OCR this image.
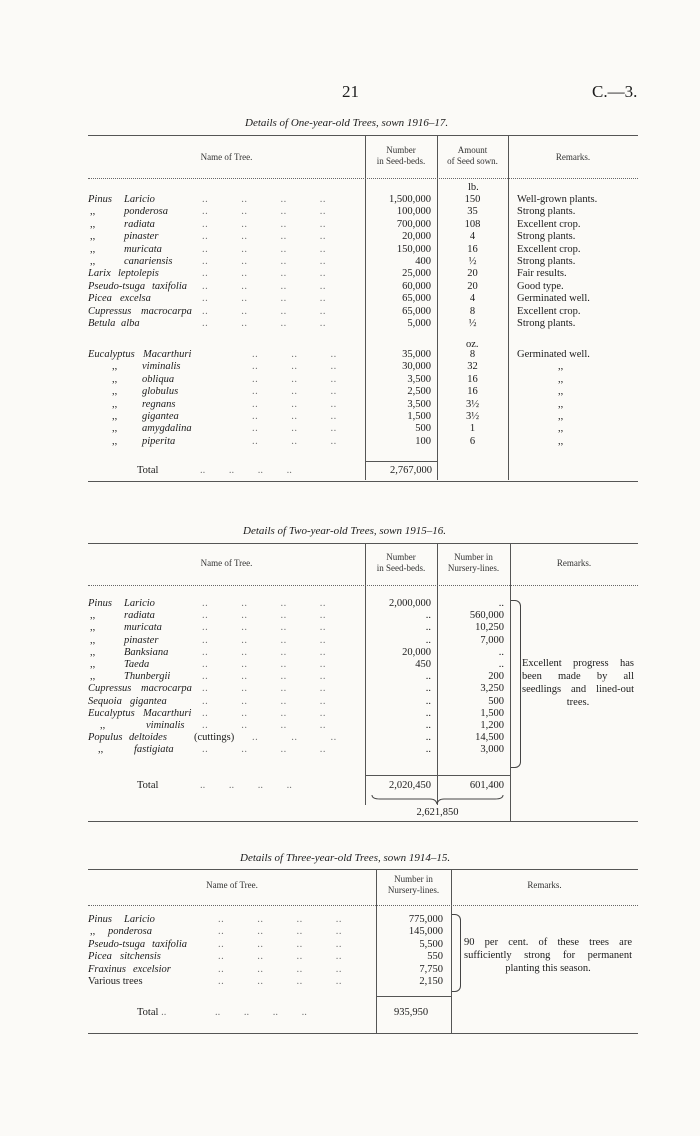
21	C.—3.
Details of One-year-old Trees, sown 1916–17.
Name of Tree.
Number
in Seed-beds.
Amount
of Seed sown.	Remarks.
lb.
Pinus Laricio	..   ..   ..   ..	1,500,000	150	Well-grown plants.
,,	ponderosa	..   ..   ..   ..	100,000	35	Strong plants.
,,	radiata	..   ..   ..   ..	700,000	108	Excellent crop.
,,	pinaster	..   ..   ..   ..	20,000	4	Strong plants.
,,	muricata	..   ..   ..   ..	150,000	16	Excellent crop.
,,	canariensis	..   ..   ..   ..	400	½	Strong plants.
Larix leptolepis	..   ..   ..   ..	25,000	20	Fair results.
Pseudo-tsuga taxifolia ..   ..   ..   ..	60,000	20	Good type.
Picea excelsa	..   ..   ..   ..	65,000	4	Germinated well.
Cupressus macrocarpa ..   ..   ..   ..	65,000	8	Excellent crop.
Betula alba	..   ..   ..   ..	5,000	½	Strong plants.
oz.
Eucalyptus Macarthuri	..   ..   ..	35,000	8	Germinated well.
,, viminalis	..   ..   ..	30,000	32	,,
,, obliqua	..   ..   ..	3,500	16	,,
,, globulus	..   ..   ..	2,500	16	,,
,, regnans	..   ..   ..	3,500	3½	,,
,, gigantea	..   ..   ..	1,500	3½	,,
,, amygdalina	..   ..   ..	500	1	,,
,, piperita	..   ..   ..	100	6	,,
Total	..         ..         ..         ..	2,767,000
Details of Two-year-old Trees, sown 1915–16.
Name of Tree.
Number
in Seed-beds.
Number in
Nursery-lines.	Remarks.
Pinus Laricio	..   ..   ..   ..	2,000,000	..
,,	radiata	..   ..   ..   ..	..	560,000
,,	muricata	..   ..   ..   ..	..	10,250
,,	pinaster	..   ..   ..   ..	..	7,000
,,	Banksiana	..   ..   ..   ..	20,000	..
,,	Taeda	..   ..   ..   ..	450	..
,,	Thunbergii	..   ..   ..   ..	..	200
Cupressus macrocarpa ..   ..   ..   ..	..	3,250
Sequoia gigantea	..   ..   ..   ..	..	500
Eucalyptus Macarthuri ..   ..   ..   ..	..	1,500
,,	viminalis ..   ..   ..   ..	..	1,200
Populus deltoides	(cuttings) ..   ..   ..	..	14,500
,,	fastigiata	..   ..   ..   ..	..	3,000
Excellent progress has been made by all seedlings and lined-out trees.
Total	..         ..         ..         ..	2,020,450	601,400
2,621,850
Details of Three-year-old Trees, sown 1914–15.
Name of Tree.
Number in
Nursery-lines.	Remarks.
Pinus Laricio	..   ..   ..   ..	775,000
,, ponderosa	..   ..   ..   ..	145,000
Pseudo-tsuga taxifolia	..   ..   ..   ..	5,500
Picea sitchensis	..   ..   ..   ..	550
Fraxinus excelsior	..   ..   ..   ..	7,750
Various trees	..   ..   ..   ..	2,150
90 per cent. of these trees are sufficiently strong for permanent planting this season.
Total ..	..         ..         ..         ..	935,950
